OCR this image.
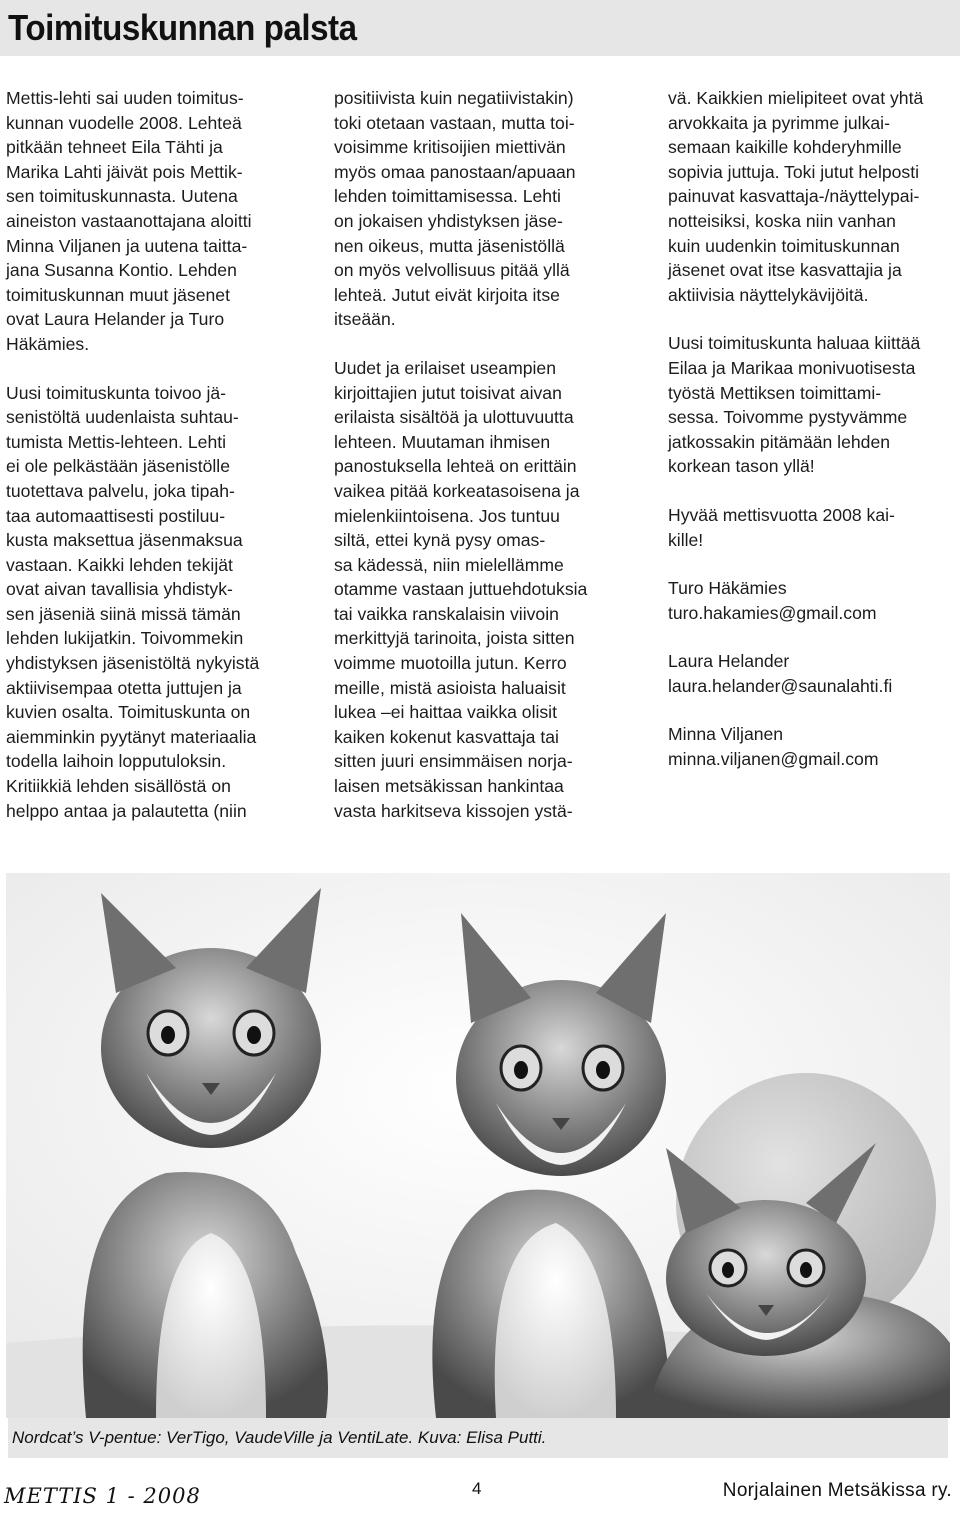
Toimituskunnan palsta

Mettis-lehti sai uuden toimitus-
kunnan vuodelle 2008. Lehteä
pitkään tehneet Eila Tähti ja
Marika Lahti jäivät pois Mettik-
sen toimituskunnasta. Uutena
aineiston vastaanottajana aloitti
Minna Viljanen ja uutena taitta-
jana Susanna Kontio. Lehden
toimituskunnan muut jäsenet
ovat Laura Helander ja Turo
Häkämies.

Uusi toimituskunta toivoo jä-
senistöltä uudenlaista suhtau-
tumista Mettis-lehteen. Lehti
ei ole pelkästään jäsenistölle
tuotettava palvelu, joka tipah-
taa automaattisesti postiluu-
kusta maksettua jäsenmaksua
vastaan. Kaikki lehden tekijät
ovat aivan tavallisia yhdistyk-
sen jäseniä siinä missä tämän
lehden lukijatkin. Toivommekin
yhdistyksen jäsenistöltä nykyistä
aktiivisempaa otetta juttujen ja
kuvien osalta. Toimituskunta on
aiemminkin pyytänyt materiaalia
todella laihoin lopputuloksin.
Kritiikkiä lehden sisällöstä on
helppo antaa ja palautetta (niin

positiivista kuin negatiivistakin)
toki otetaan vastaan, mutta toi-
voisimme kritisoijien miettivän
myös omaa panostaan/apuaan
lehden toimittamisessa. Lehti
on jokaisen yhdistyksen jäse-
nen oikeus, mutta jäsenistöllä
on myös velvollisuus pitää yllä
lehteä. Jutut eivät kirjoita itse
itseään.

Uudet ja erilaiset useampien
kirjoittajien jutut toisivat aivan
erilaista sisältöä ja ulottuvuutta
lehteen. Muutaman ihmisen
panostuksella lehteä on erittäin
vaikea pitää korkeatasoisena ja
mielenkiintoisena. Jos tuntuu
siltä, ettei kynä pysy omas-
sa kädessä, niin mielellämme
otamme vastaan juttuehdotuksia
tai vaikka ranskalaisin viivoin
merkittyjä tarinoita, joista sitten
voimme muotoilla jutun. Kerro
meille, mistä asioista haluaisit
lukea –ei haittaa vaikka olisit
kaiken kokenut kasvattaja tai
sitten juuri ensimmäisen norja-
laisen metsäkissan hankintaa
vasta harkitseva kissojen ystä-

vä. Kaikkien mielipiteet ovat yhtä
arvokkaita ja pyrimme julkai-
semaan kaikille kohderyhmille
sopivia juttuja. Toki jutut helposti
painuvat kasvattaja-/näyttelypai-
notteisiksi, koska niin vanhan
kuin uudenkin toimituskunnan
jäsenet ovat itse kasvattajia ja
aktiivisia näyttelykävijöitä.

Uusi toimituskunta haluaa kiittää
Eilaa ja Marikaa monivuotisesta
työstä Mettiksen toimittami-
sessa. Toivomme pystyvämme
jatkossakin pitämään lehden
korkean tason yllä!

Hyvää mettisvuotta 2008 kai-
kille!

Turo Häkämies
turo.hakamies@gmail.com

Laura Helander
laura.helander@saunalahti.fi

Minna Viljanen
minna.viljanen@gmail.com

Nordcat’s V-pentue: VerTigo, VaudeVille ja VentiLate. Kuva: Elisa Putti.
METTIS 1 - 2008	4	Norjalainen Metsäkissa ry.
